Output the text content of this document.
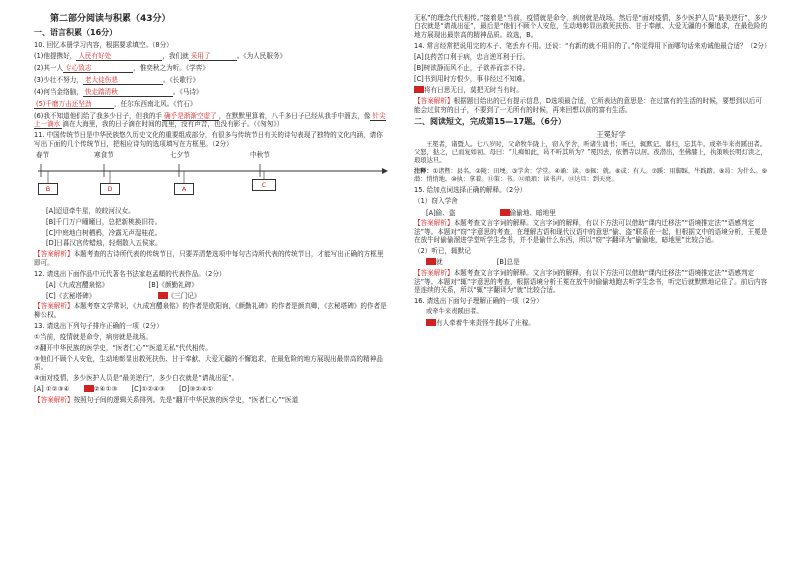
第二部分阅读与积累（43分）
一、语言积累（16分）
10. 回忆本册学习内容，根据要求填空。（8分）
(1)他提携好， 人民有好处	，我们就 采用了	。《为人民服务》
(2)其一人 专心致志	，惟奕秋之为听。《学弈》
(3)少壮不努力， 老大徒伤悲	。《长歌行》
(4)何当金络脑， 快走踏清秋	。《马诗》
(5)千磨万击还坚劲	，任尔东西南北风。《竹石》
(6)我不知道他们给了我多少日子，但我的手 确乎是渐渐空虚了 ，在默默里算着，八千多日子已经从我手中溜去，像 针尖上一滴水 滴在大海里，我的日子滴在时间的流里，没有声音，也没有影子。（《匆匆》）
11. 中国传统节日是中华民族悠久历史文化的重要组成部分，有很多与传统节日有关的诗句表现了独特的文化内涵，请你写出下面的几个传统节日，把相应诗句的选项填写在方框里。（2分）
春节	寒食节	七夕节	中秋节
B	D	A	C
[A]迢迢牵牛星，皎皎河汉女。
[B]千门万户曈曈日，总把新桃换旧符。
[C]中庭地白树栖鸦，冷露无声湿桂花。
[D]日暮汉宫传蜡烛，轻烟散入五侯家。
【答案解析】本题考查的古诗所代表的传统节日，只要弄清楚选项中每句古诗所代表的传统节日，才能写出正确的方框里即可。
12. 请选出下面作品中元代著名书法家赵孟頫的代表作品。（2分）
[A]《九成宫醴泉铭》	[B]《颜勤礼碑》
[C]《玄秘塔碑》	《三门记》
【答案解析】本题考察文学常识，《九成宫醴泉铭》的作者是欧阳询，《颜勤礼碑》的作者是颜真卿，《玄秘塔碑》的作者是柳公权。
13. 请选出下列句子排序正确的一项（2分）
①当前，疫情就是命令，病房就是战场。
②翻开中华民族的医学史，“医者仁心”“医道无私”代代相传。
③他们不顾个人安危，生动地彰显出救死扶伤、甘于奉献、大爱无疆的不懈追求，在最危险的地方展现出最崇高的精神品质。
④面对疫情，多少医护人员是“最美逆行”，多少白衣就是“请战出征”。
[A] ①②③④	②④①③ [C]①②④③ [D]③②④①
【答案解析】按照句子间的逻辑关系排列。先是“翻开中华民族的医学史，“医者仁心”“医道
无私”的理念代代相传。”接着是“当前，疫情就是命令，病房就是战场。然后是“面对疫情，多少医护人员“最美逆行”，多少白衣就是“请战出征”，最后是“他们不顾个人安危，生动地彰显出救死扶伤、甘于奉献、大爱无疆的不懈追求，在最危险的地方展现出最崇高的精神品质。故选，B。
14. 常言经常把说用完的木子、笔丢弃不用。还说：“有新的就不用旧的了。”你觉得用下面哪句话来劝诫他最合适？（2分）
[A]良药苦口利于病，忠言逆耳利于行。
[B]树欲静而风不止，子欲养而亲不待。
[C]书到用时方恨少，事非经过不知难。
将有日思无日，莫把无时当有时。
【答案解析】根据题目给出的已有提示信息，D选项最合适，它所表达的意思是：在过富有的生活的时候，要想到以后可能会过贫穷的日子，不要到了一无所有的时候，再来回想以前的富有生活。
二、阅读短文，完成第15—17题。（6分）
王冕好学
王冕者，诸暨人。七八岁时，父命牧牛陇上，窃入学舍，听诸生诵书；听已，辄默记。暮归，忘其牛。或牵牛来责蹊田者。父怒，挞之，已而复如初。母曰：“儿痴如此，曷不听其所为？”冕因去，依僧寺以居。夜潜出，坐佛膝上，执策映长明灯读之，琅琅达旦。
注释：①诸暨：县名。②陇：田埂。③学舍：学堂。④诵：读。⑤辄：就。⑥或：有人。⑦蹊：用脚踩，牛践踏。⑧曷：为什么。⑨潜：悄悄地。⑩执：拿着。⑪策：书。⑫琅琅：读书声。⑬达旦：到天亮。
15. 给加点词选择正确的解释。（2分）
（1）窃入学舍
[A]偷、盗	偷偷地、暗地里
【答案解析】本题考查文言字词的解释。文言字词的解释，有以下方法可以借助“课内迁移法”“语境推定法”“语感判定法”等。本题对“窃”字意思的考查，在理解古语和现代汉语中的意思“偷、盗”联系在一起，但根据文中的语境分析，王冕是在放牛时偷偷溜进学堂听学生念书，并不是偷什么东西，所以“窃”字翻译为“偷偷地，暗地里”比较合适。
（2）听已，辄默记
就	[B]总是
【答案解析】本题考查文言字词的解释。文言字词的解释，有以下方法可以借助“课内迁移法”“语境推定法”“语感判定法”等。本题对“辄”字意思的考查，根据语境分析王冕在放牛时偷偷地跑去听学生念书，听完后就默默地记住了。前后内容是连续的关系，所以“辄”字翻译为“就”比较合适。
16. 请选出下面句子理解正确的一项（2分）
或牵牛来责蹊田者。
有人牵着牛来责怪牛践坏了庄稼。
